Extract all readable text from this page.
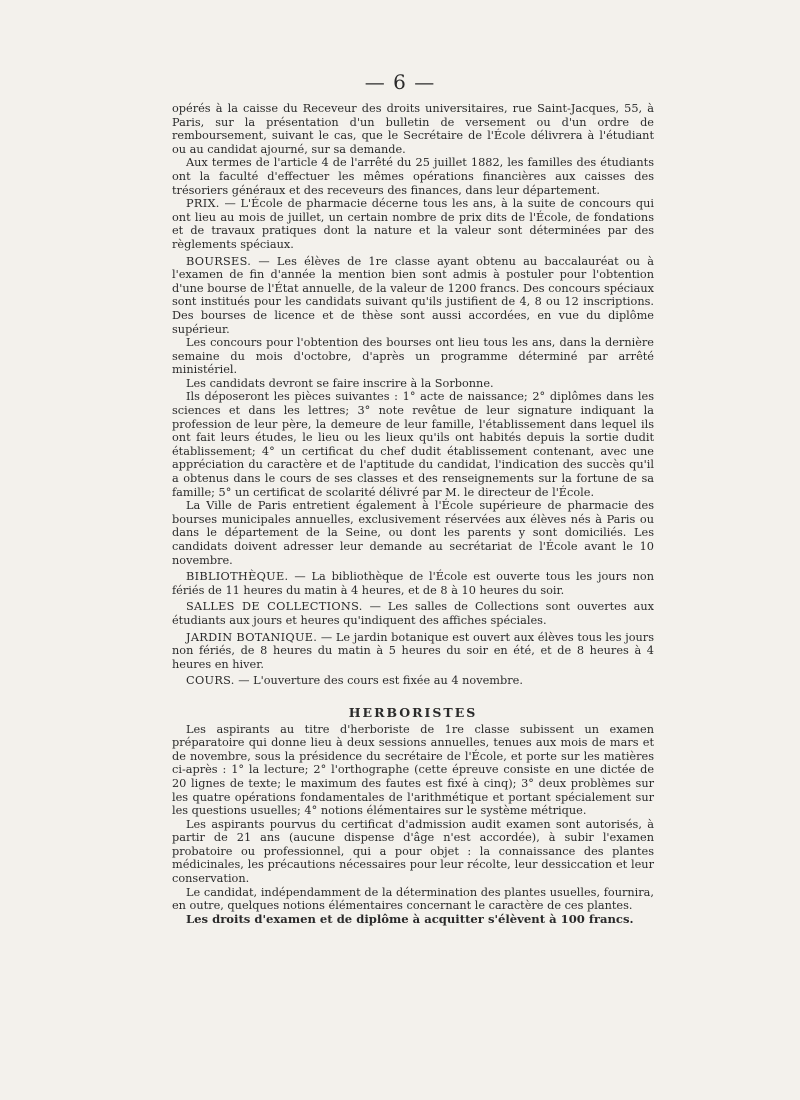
— 6 —

opérés à la caisse du Receveur des droits universitaires, rue Saint-Jacques, 55, à Paris, sur la présentation d'un bulletin de versement ou d'un ordre de remboursement, suivant le cas, que le Secrétaire de l'École délivrera à l'étudiant ou au candidat ajourné, sur sa demande.

Aux termes de l'article 4 de l'arrêté du 25 juillet 1882, les familles des étudiants ont la faculté d'effectuer les mêmes opérations financières aux caisses des trésoriers généraux et des receveurs des finances, dans leur département.

PRIX. — L'École de pharmacie décerne tous les ans, à la suite de concours qui ont lieu au mois de juillet, un certain nombre de prix dits de l'École, de fondations et de travaux pratiques dont la nature et la valeur sont déterminées par des règlements spéciaux.

BOURSES. — Les élèves de 1re classe ayant obtenu au baccalauréat ou à l'examen de fin d'année la mention bien sont admis à postuler pour l'obtention d'une bourse de l'État annuelle, de la valeur de 1200 francs. Des concours spéciaux sont institués pour les candidats suivant qu'ils justifient de 4, 8 ou 12 inscriptions. Des bourses de licence et de thèse sont aussi accordées, en vue du diplôme supérieur.

Les concours pour l'obtention des bourses ont lieu tous les ans, dans la dernière semaine du mois d'octobre, d'après un programme déterminé par arrêté ministériel.

Les candidats devront se faire inscrire à la Sorbonne.

Ils déposeront les pièces suivantes : 1° acte de naissance; 2° diplômes dans les sciences et dans les lettres; 3° note revêtue de leur signature indiquant la profession de leur père, la demeure de leur famille, l'établissement dans lequel ils ont fait leurs études, le lieu ou les lieux qu'ils ont habités depuis la sortie dudit établissement; 4° un certificat du chef dudit établissement contenant, avec une appréciation du caractère et de l'aptitude du candidat, l'indication des succès qu'il a obtenus dans le cours de ses classes et des renseignements sur la fortune de sa famille; 5° un certificat de scolarité délivré par M. le directeur de l'École.

La Ville de Paris entretient également à l'École supérieure de pharmacie des bourses municipales annuelles, exclusivement réservées aux élèves nés à Paris ou dans le département de la Seine, ou dont les parents y sont domiciliés. Les candidats doivent adresser leur demande au secrétariat de l'École avant le 10 novembre.

BIBLIOTHÈQUE. — La bibliothèque de l'École est ouverte tous les jours non fériés de 11 heures du matin à 4 heures, et de 8 à 10 heures du soir.

SALLES DE COLLECTIONS. — Les salles de Collections sont ouvertes aux étudiants aux jours et heures qu'indiquent des affiches spéciales.

JARDIN BOTANIQUE. — Le jardin botanique est ouvert aux élèves tous les jours non fériés, de 8 heures du matin à 5 heures du soir en été, et de 8 heures à 4 heures en hiver.

COURS. — L'ouverture des cours est fixée au 4 novembre.

HERBORISTES

Les aspirants au titre d'herboriste de 1re classe subissent un examen préparatoire qui donne lieu à deux sessions annuelles, tenues aux mois de mars et de novembre, sous la présidence du secrétaire de l'École, et porte sur les matières ci-après : 1° la lecture; 2° l'orthographe (cette épreuve consiste en une dictée de 20 lignes de texte; le maximum des fautes est fixé à cinq); 3° deux problèmes sur les quatre opérations fondamentales de l'arithmétique et portant spécialement sur les questions usuelles; 4° notions élémentaires sur le système métrique.

Les aspirants pourvus du certificat d'admission audit examen sont autorisés, à partir de 21 ans (aucune dispense d'âge n'est accordée), à subir l'examen probatoire ou professionnel, qui a pour objet : la connaissance des plantes médicinales, les précautions nécessaires pour leur récolte, leur dessiccation et leur conservation.

Le candidat, indépendamment de la détermination des plantes usuelles, fournira, en outre, quelques notions élémentaires concernant le caractère de ces plantes.

Les droits d'examen et de diplôme à acquitter s'élèvent à 100 francs.
